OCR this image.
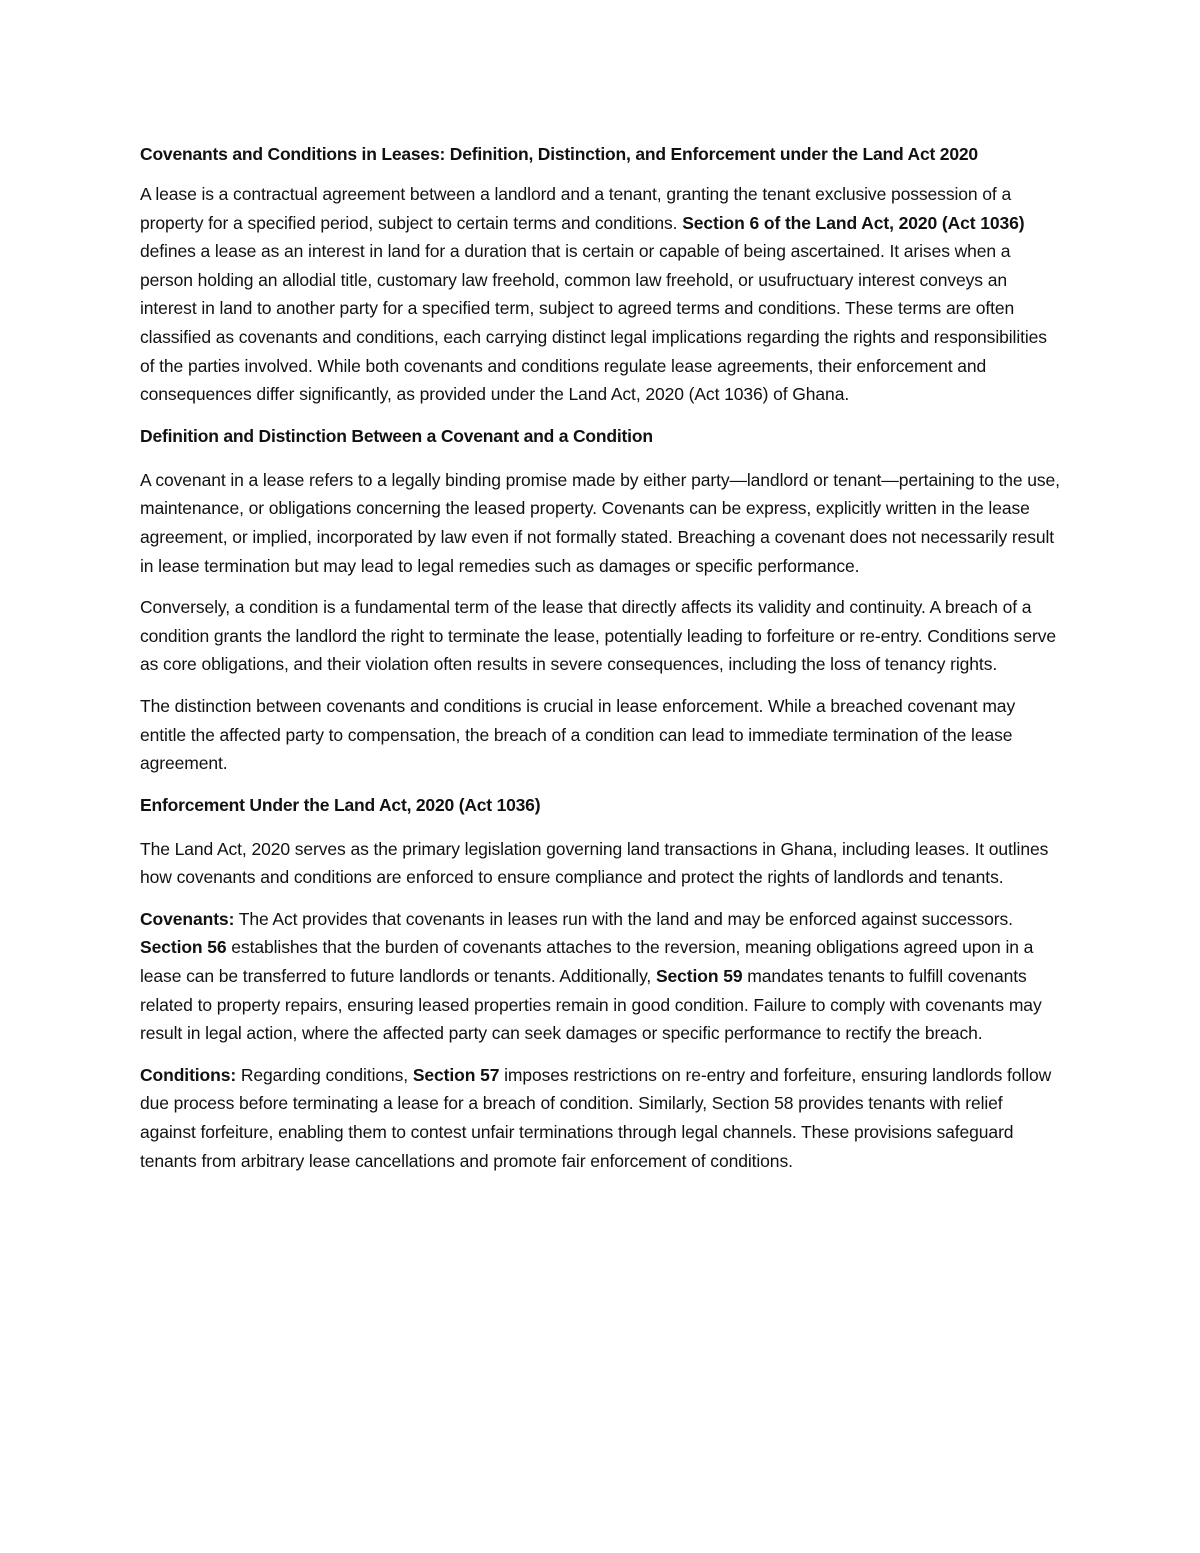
Covenants and Conditions in Leases: Definition, Distinction, and Enforcement under the Land Act 2020

A lease is a contractual agreement between a landlord and a tenant, granting the tenant exclusive possession of a property for a specified period, subject to certain terms and conditions. Section 6 of the Land Act, 2020 (Act 1036) defines a lease as an interest in land for a duration that is certain or capable of being ascertained. It arises when a person holding an allodial title, customary law freehold, common law freehold, or usufructuary interest conveys an interest in land to another party for a specified term, subject to agreed terms and conditions. These terms are often classified as covenants and conditions, each carrying distinct legal implications regarding the rights and responsibilities of the parties involved. While both covenants and conditions regulate lease agreements, their enforcement and consequences differ significantly, as provided under the Land Act, 2020 (Act 1036) of Ghana.

Definition and Distinction Between a Covenant and a Condition

A covenant in a lease refers to a legally binding promise made by either party—landlord or tenant—pertaining to the use, maintenance, or obligations concerning the leased property. Covenants can be express, explicitly written in the lease agreement, or implied, incorporated by law even if not formally stated. Breaching a covenant does not necessarily result in lease termination but may lead to legal remedies such as damages or specific performance.

Conversely, a condition is a fundamental term of the lease that directly affects its validity and continuity. A breach of a condition grants the landlord the right to terminate the lease, potentially leading to forfeiture or re-entry. Conditions serve as core obligations, and their violation often results in severe consequences, including the loss of tenancy rights.

The distinction between covenants and conditions is crucial in lease enforcement. While a breached covenant may entitle the affected party to compensation, the breach of a condition can lead to immediate termination of the lease agreement.

Enforcement Under the Land Act, 2020 (Act 1036)

The Land Act, 2020 serves as the primary legislation governing land transactions in Ghana, including leases. It outlines how covenants and conditions are enforced to ensure compliance and protect the rights of landlords and tenants.

Covenants: The Act provides that covenants in leases run with the land and may be enforced against successors. Section 56 establishes that the burden of covenants attaches to the reversion, meaning obligations agreed upon in a lease can be transferred to future landlords or tenants. Additionally, Section 59 mandates tenants to fulfill covenants related to property repairs, ensuring leased properties remain in good condition. Failure to comply with covenants may result in legal action, where the affected party can seek damages or specific performance to rectify the breach.

Conditions: Regarding conditions, Section 57 imposes restrictions on re-entry and forfeiture, ensuring landlords follow due process before terminating a lease for a breach of condition. Similarly, Section 58 provides tenants with relief against forfeiture, enabling them to contest unfair terminations through legal channels. These provisions safeguard tenants from arbitrary lease cancellations and promote fair enforcement of conditions.
